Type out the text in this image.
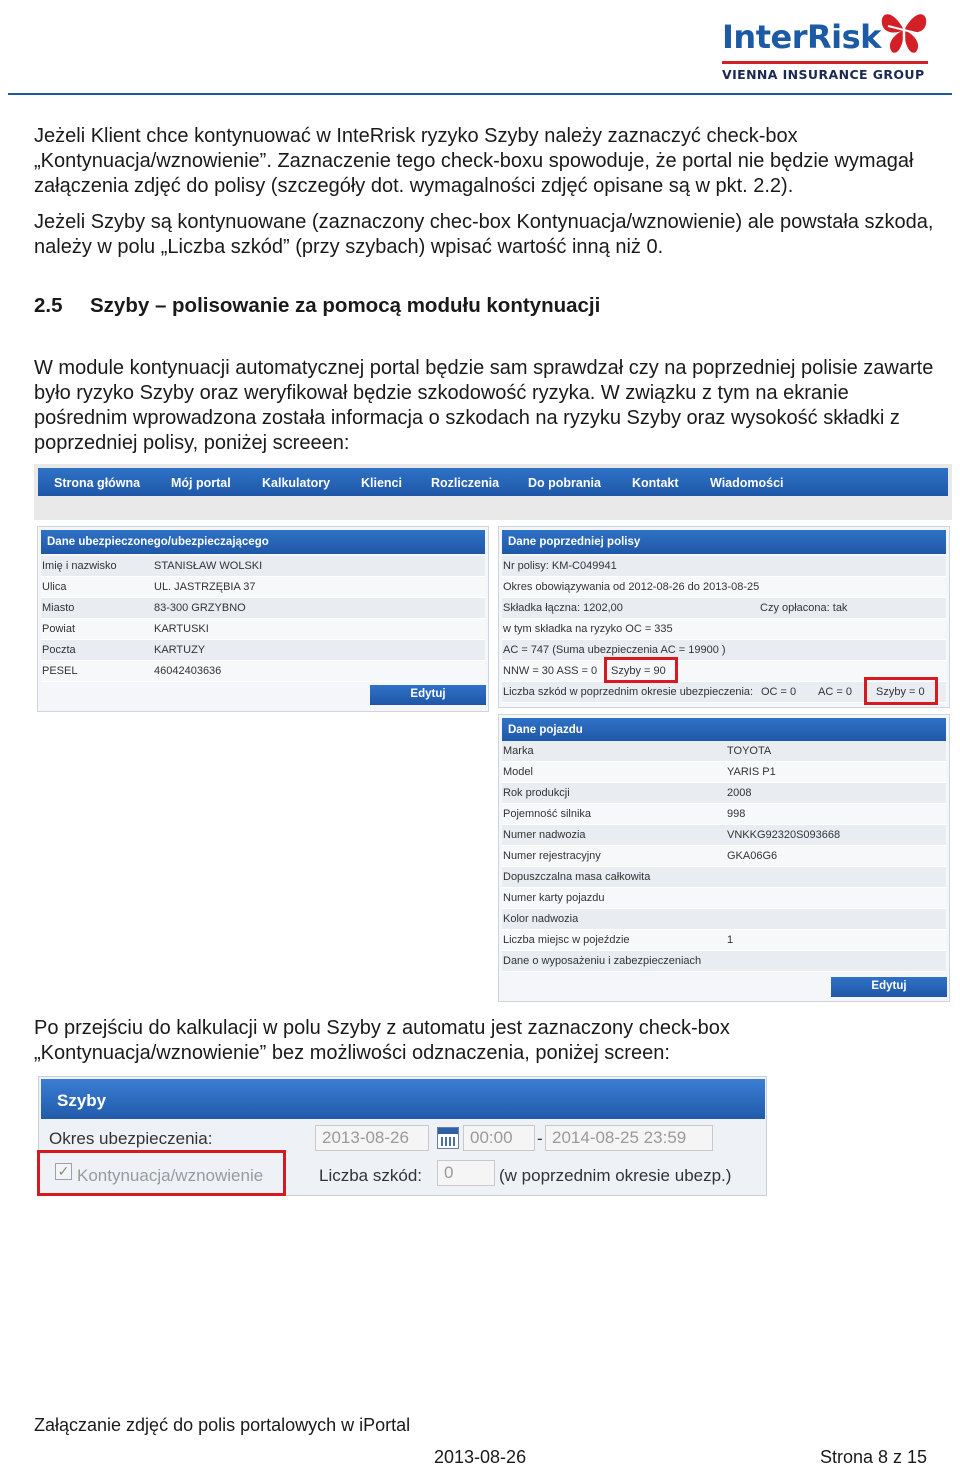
InterRisk
VIENNA INSURANCE GROUP

Jeżeli Klient chce kontynuować w InteRrisk ryzyko Szyby należy zaznaczyć check-box „Kontynuacja/wznowienie”. Zaznaczenie tego check-boxu spowoduje, że portal nie będzie wymagał załączenia zdjęć do polisy (szczegóły dot. wymagalności zdjęć opisane są w pkt. 2.2).

Jeżeli Szyby są kontynuowane (zaznaczony chec-box Kontynuacja/wznowienie) ale powstała szkoda, należy w polu „Liczba szkód” (przy szybach) wpisać wartość inną niż 0.

2.5 Szyby – polisowanie za pomocą modułu kontynuacji

W module kontynuacji automatycznej portal będzie sam sprawdzał czy na poprzedniej polisie zawarte było ryzyko Szyby oraz weryfikował będzie szkodowość ryzyka. W związku z tym na ekranie pośrednim wprowadzona została informacja o szkodach na ryzyku Szyby oraz wysokość składki z poprzedniej polisy, poniżej screeen:

Strona główna Mój portal	Kalkulatory Klienci Rozliczenia Do pobrania Kontakt	Wiadomości
Dane ubezpieczonego/ubezpieczającego
Imię i nazwisko	STANISŁAW WOLSKI
Ulica	UL. JASTRZĘBIA 37
Miasto	83-300 GRZYBNO
Powiat	KARTUSKI
Poczta	KARTUZY
PESEL	46042403636
Edytuj
Dane poprzedniej polisy
Nr polisy: KM-C049941
Okres obowiązywania od 2012-08-26 do 2013-08-25
Składka łączna: 1202,00	Czy opłacona: tak
w tym składka na ryzyko OC = 335
AC = 747 (Suma ubezpieczenia AC = 19900 )
NNW = 30 ASS = 0 Szyby = 90
Liczba szkód w poprzednim okresie ubezpieczenia: OC = 0 AC = 0 Szyby = 0
Dane pojazdu
Marka	TOYOTA
Model	YARIS P1
Rok produkcji	2008
Pojemność silnika	998
Numer nadwozia	VNKKG92320S093668
Numer rejestracyjny	GKA06G6
Dopuszczalna masa całkowita
Numer karty pojazdu
Kolor nadwozia
Liczba miejsc w pojeździe	1
Dane o wyposażeniu i zabezpieczeniach
Edytuj

Po przejściu do kalkulacji w polu Szyby z automatu jest zaznaczony check-box „Kontynuacja/wznowienie” bez możliwości odznaczenia, poniżej screen:

Szyby
Okres ubezpieczenia:	2013-08-26	00:00	- 2014-08-25 23:59
✓ Kontynuacja/wznowienie	Liczba szkód:	0	(w poprzednim okresie ubezp.)
Załączanie zdjęć do polis portalowych w iPortal
2013-08-26	Strona 8 z 15
